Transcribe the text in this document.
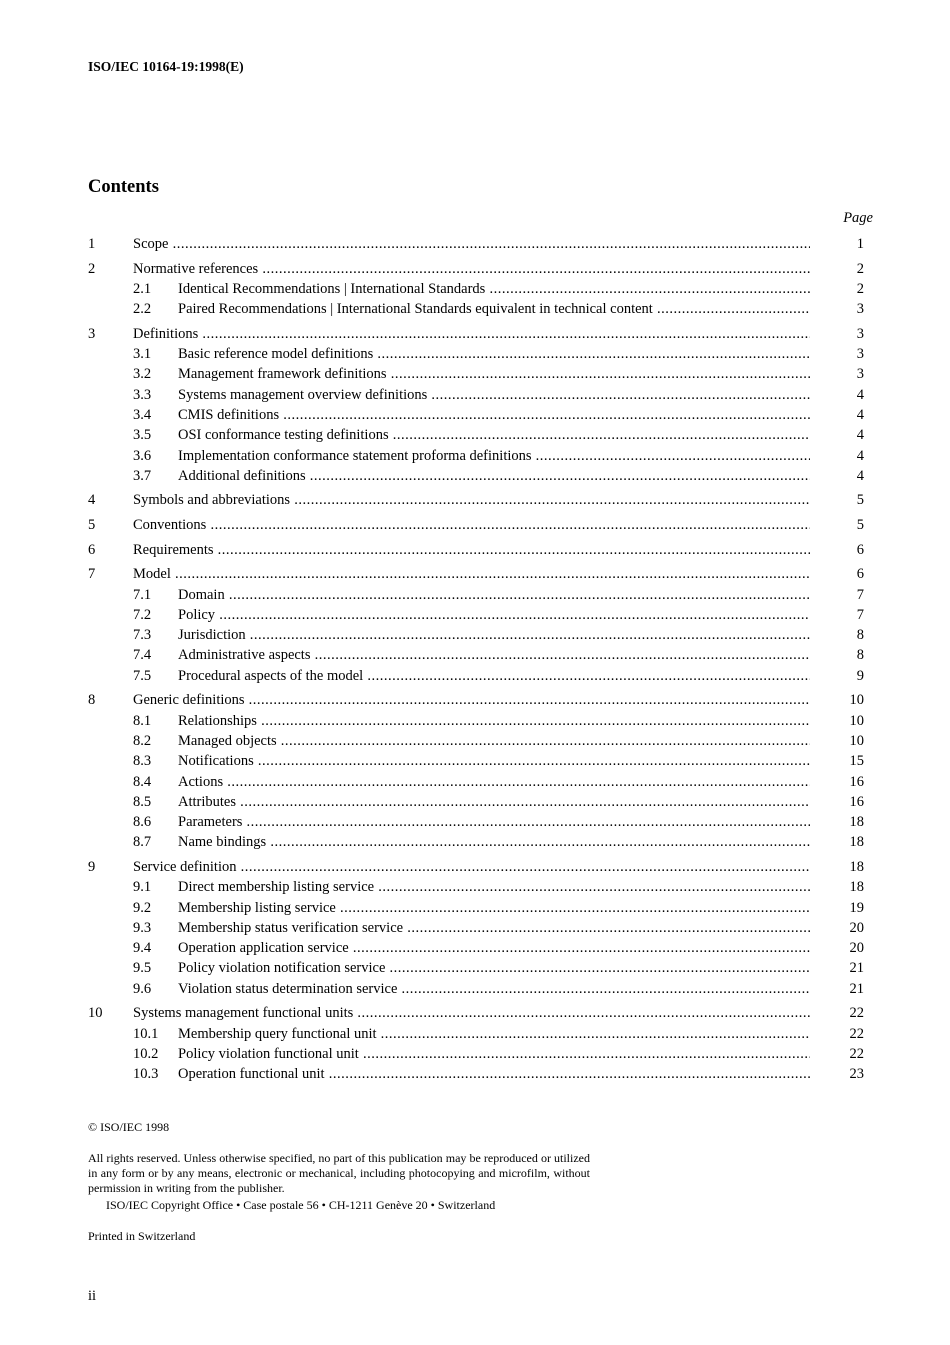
ISO/IEC 10164-19:1998(E)
Contents
Page
1	Scope .....	1
2	Normative references .....	2
2.1 Identical Recommendations | International Standards .....	2
2.2 Paired Recommendations | International Standards equivalent in technical content .....	3
3	Definitions .....	3
3.1 Basic reference model definitions .....	3
3.2 Management framework definitions .....	3
3.3 Systems management overview definitions .....	4
3.4 CMIS definitions .....	4
3.5 OSI conformance testing definitions .....	4
3.6 Implementation conformance statement proforma definitions .....	4
3.7 Additional definitions .....	4
4	Symbols and abbreviations .....	5
5	Conventions .....	5
6	Requirements .....	6
7	Model .....	6
7.1 Domain .....	7
7.2 Policy .....	7
7.3 Jurisdiction .....	8
7.4 Administrative aspects .....	8
7.5 Procedural aspects of the model .....	9
8	Generic definitions .....	10
8.1 Relationships .....	10
8.2 Managed objects .....	10
8.3 Notifications .....	15
8.4 Actions .....	16
8.5 Attributes .....	16
8.6 Parameters .....	18
8.7 Name bindings .....	18
9	Service definition .....	18
9.1 Direct membership listing service .....	18
9.2 Membership listing service .....	19
9.3 Membership status verification service .....	20
9.4 Operation application service .....	20
9.5 Policy violation notification service .....	21
9.6 Violation status determination service .....	21
10 Systems management functional units .....	22
10.1 Membership query functional unit .....	22
10.2 Policy violation functional unit .....	22
10.3 Operation functional unit .....	23
© ISO/IEC 1998
All rights reserved. Unless otherwise specified, no part of this publication may be reproduced or utilized in any form or by any means, electronic or mechanical, including photocopying and microfilm, without permission in writing from the publisher.
ISO/IEC Copyright Office • Case postale 56 • CH-1211 Genève 20 • Switzerland
Printed in Switzerland
ii
